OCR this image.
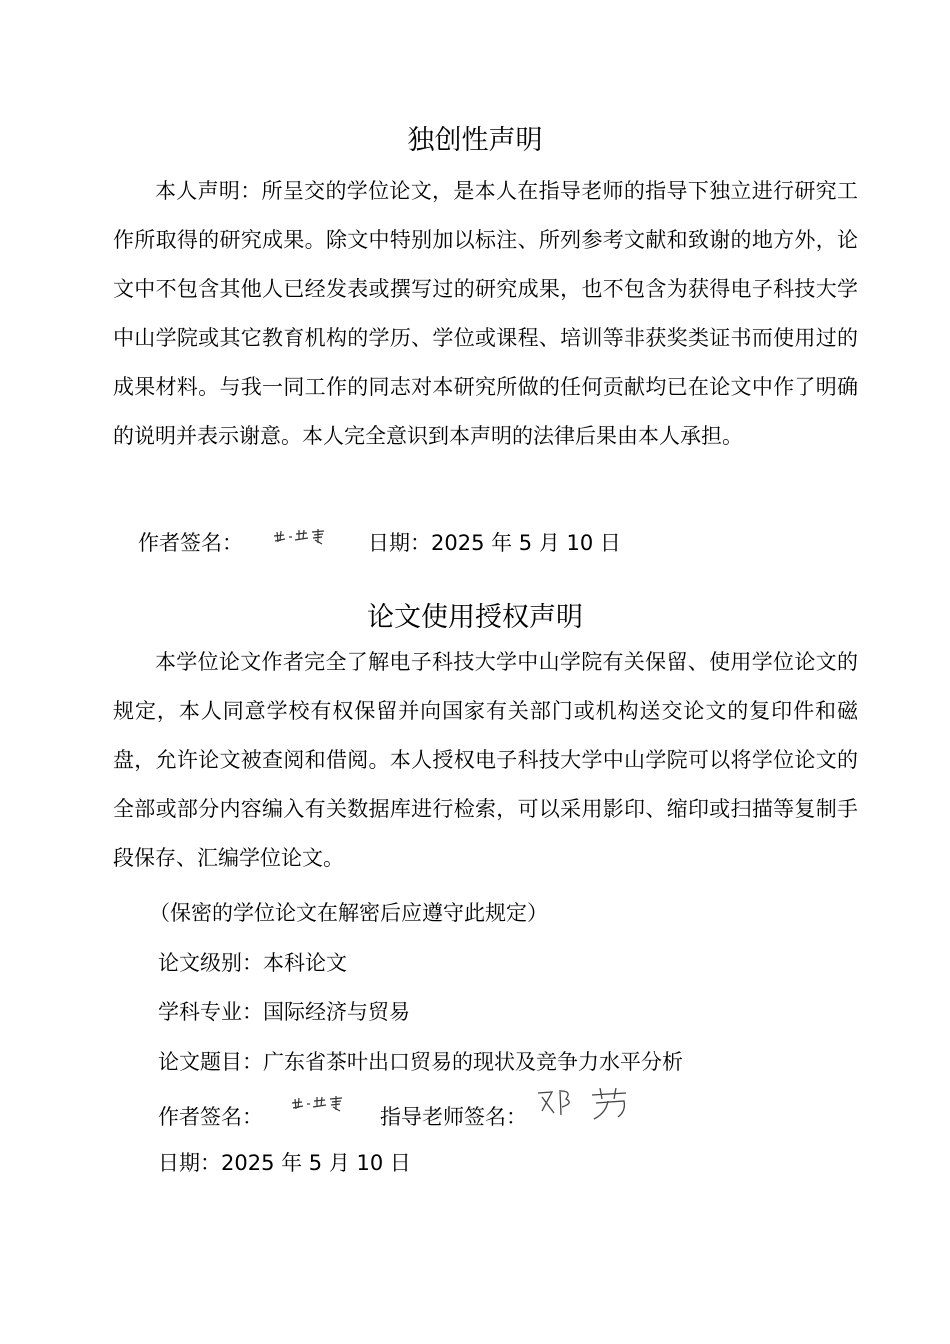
独创性声明

本人声明：所呈交的学位论文，是本人在指导老师的指导下独立进行研究工作所取得的研究成果。除文中特别加以标注、所列参考文献和致谢的地方外，论文中不包含其他人已经发表或撰写过的研究成果，也不包含为获得电子科技大学中山学院或其它教育机构的学历、学位或课程、培训等非获奖类证书而使用过的成果材料。与我一同工作的同志对本研究所做的任何贡献均已在论文中作了明确的说明并表示谢意。本人完全意识到本声明的法律后果由本人承担。

作者签名：	日期：2025 年 5 月 10 日
论文使用授权声明

本学位论文作者完全了解电子科技大学中山学院有关保留、使用学位论文的规定，本人同意学校有权保留并向国家有关部门或机构送交论文的复印件和磁盘，允许论文被查阅和借阅。本人授权电子科技大学中山学院可以将学位论文的全部或部分内容编入有关数据库进行检索，可以采用影印、缩印或扫描等复制手段保存、汇编学位论文。

（保密的学位论文在解密后应遵守此规定）
论文级别：本科论文
学科专业：国际经济与贸易
论文题目：广东省茶叶出口贸易的现状及竞争力水平分析
作者签名：	指导老师签名：
日期：2025 年 5 月 10 日
